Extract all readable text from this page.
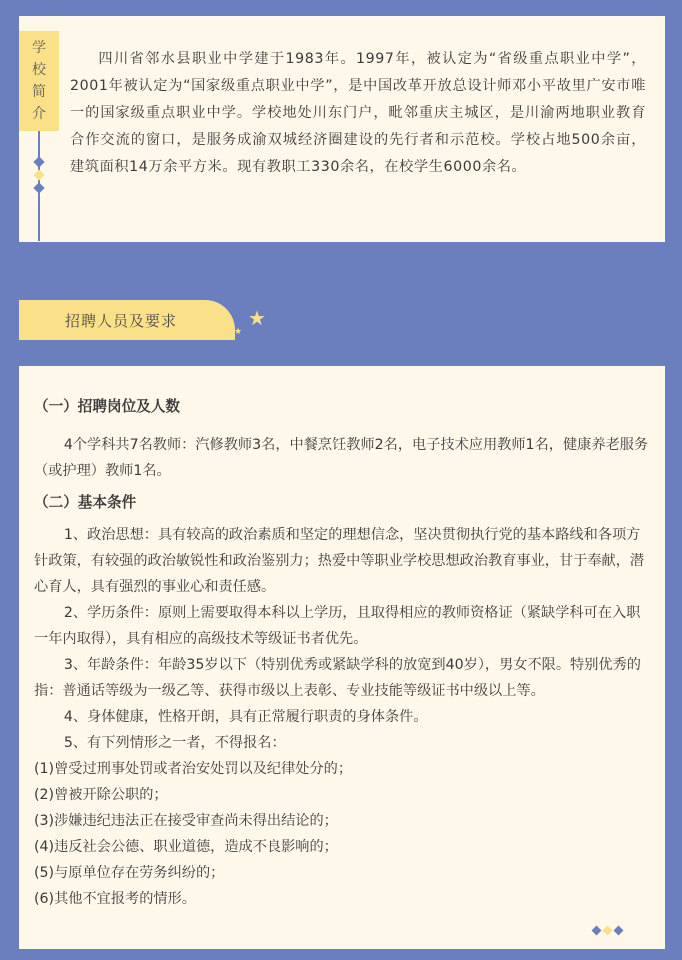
学
校
简
介

四川省邻水县职业中学建于1983年。1997年，被认定为“省级重点职业中学”，2001年被认定为“国家级重点职业中学”，是中国改革开放总设计师邓小平故里广安市唯一的国家级重点职业中学。学校地处川东门户，毗邻重庆主城区，是川渝两地职业教育合作交流的窗口，是服务成渝双城经济圈建设的先行者和示范校。学校占地500余亩，建筑面积14万余平方米。现有教职工330余名，在校学生6000余名。

招聘人员及要求	★
★

（一）招聘岗位及人数

4个学科共7名教师：汽修教师3名，中餐烹饪教师2名，电子技术应用教师1名，健康养老服务（或护理）教师1名。

（二）基本条件

1、政治思想：具有较高的政治素质和坚定的理想信念，坚决贯彻执行党的基本路线和各项方针政策，有较强的政治敏锐性和政治鉴别力；热爱中等职业学校思想政治教育事业，甘于奉献，潜心育人，具有强烈的事业心和责任感。

2、学历条件：原则上需要取得本科以上学历，且取得相应的教师资格证（紧缺学科可在入职一年内取得），具有相应的高级技术等级证书者优先。

3、年龄条件：年龄35岁以下（特别优秀或紧缺学科的放宽到40岁），男女不限。特别优秀的指：普通话等级为一级乙等、获得市级以上表彰、专业技能等级证书中级以上等。

4、身体健康，性格开朗，具有正常履行职责的身体条件。

5、有下列情形之一者，不得报名：

(1)曾受过刑事处罚或者治安处罚以及纪律处分的；

(2)曾被开除公职的；

(3)涉嫌违纪违法正在接受审查尚未得出结论的；

(4)违反社会公德、职业道德，造成不良影响的；

(5)与原单位存在劳务纠纷的；

(6)其他不宜报考的情形。
